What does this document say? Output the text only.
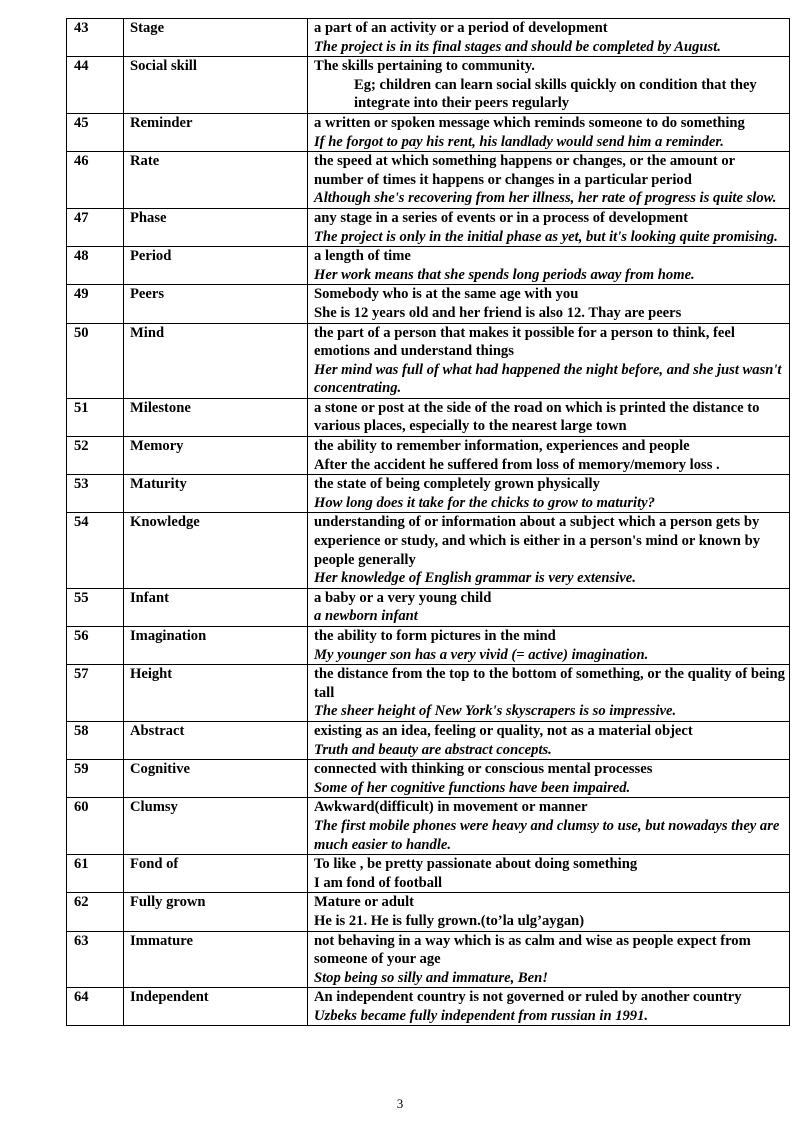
43	Stage	a part of an activity or a period of development
The project is in its final stages and should be completed by August.

44	Social skill	The skills pertaining to community.
Eg; children can learn social skills quickly on condition that they integrate into their peers regularly

45	Reminder	a written or spoken message which reminds someone to do something
If he forgot to pay his rent, his landlady would send him a reminder.

46	Rate	the speed at which something happens or changes, or the amount or number of times it happens or changes in a particular period
Although she's recovering from her illness, her rate of progress is quite slow.

47	Phase	any stage in a series of events or in a process of development
The project is only in the initial phase as yet, but it's looking quite promising.

48	Period	a length of time
Her work means that she spends long periods away from home.

49	Peers	Somebody who is at the same age with you
She is 12 years old and her friend is also 12. Thay are peers

50	Mind	the part of a person that makes it possible for a person to think, feel emotions and understand things
Her mind was full of what had happened the night before, and she just wasn't concentrating.

51	Milestone	a stone or post at the side of the road on which is printed the distance to various places, especially to the nearest large town

52	Memory	the ability to remember information, experiences and people
After the accident he suffered from loss of memory/memory loss .

53	Maturity	the state of being completely grown physically
How long does it take for the chicks to grow to maturity?

54	Knowledge	understanding of or information about a subject which a person gets by experience or study, and which is either in a person's mind or known by people generally
Her knowledge of English grammar is very extensive.

55	Infant	a baby or a very young child
a newborn infant

56	Imagination	the ability to form pictures in the mind
My younger son has a very vivid (= active) imagination.

57	Height	the distance from the top to the bottom of something, or the quality of being tall
The sheer height of New York's skyscrapers is so impressive.

58	Abstract	existing as an idea, feeling or quality, not as a material object
Truth and beauty are abstract concepts.

59	Cognitive	connected with thinking or conscious mental processes
Some of her cognitive functions have been impaired.

60	Clumsy	Awkward(difficult) in movement or manner
The first mobile phones were heavy and clumsy to use, but nowadays they are much easier to handle.

61	Fond of	To like , be pretty passionate about doing something
I am fond of football

62	Fully grown	Mature or adult
He is 21. He is fully grown.(to’la ulg’aygan)

63	Immature	not behaving in a way which is as calm and wise as people expect from someone of your age
Stop being so silly and immature, Ben!

64	Independent	An independent country is not governed or ruled by another country
Uzbeks became fully independent from russian in 1991.
3
